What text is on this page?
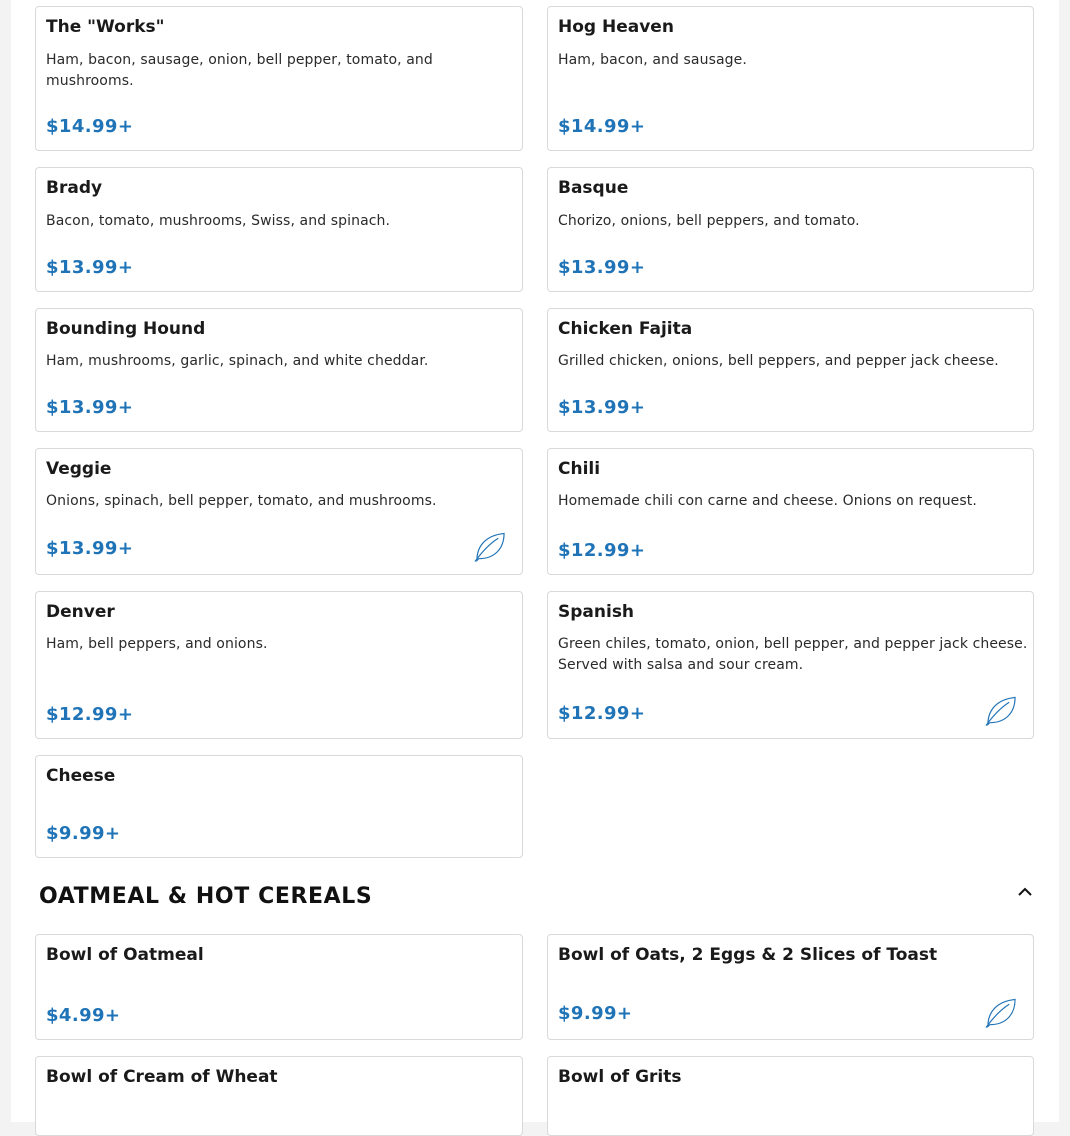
The "Works"
Ham, bacon, sausage, onion, bell pepper, tomato, and mushrooms.
$14.99+
Hog Heaven
Ham, bacon, and sausage.
$14.99+
Brady
Bacon, tomato, mushrooms, Swiss, and spinach.
$13.99+
Basque
Chorizo, onions, bell peppers, and tomato.
$13.99+
Bounding Hound
Ham, mushrooms, garlic, spinach, and white cheddar.
$13.99+
Chicken Fajita
Grilled chicken, onions, bell peppers, and pepper jack cheese.
$13.99+
Veggie
Onions, spinach, bell pepper, tomato, and mushrooms.
$13.99+
Chili
Homemade chili con carne and cheese. Onions on request.
$12.99+
Denver
Ham, bell peppers, and onions.
$12.99+
Spanish
Green chiles, tomato, onion, bell pepper, and pepper jack cheese. Served with salsa and sour cream.
$12.99+
Cheese
$9.99+
OATMEAL & HOT CEREALS
Bowl of Oatmeal
$4.99+
Bowl of Oats, 2 Eggs & 2 Slices of Toast
$9.99+
Bowl of Cream of Wheat	Bowl of Grits
